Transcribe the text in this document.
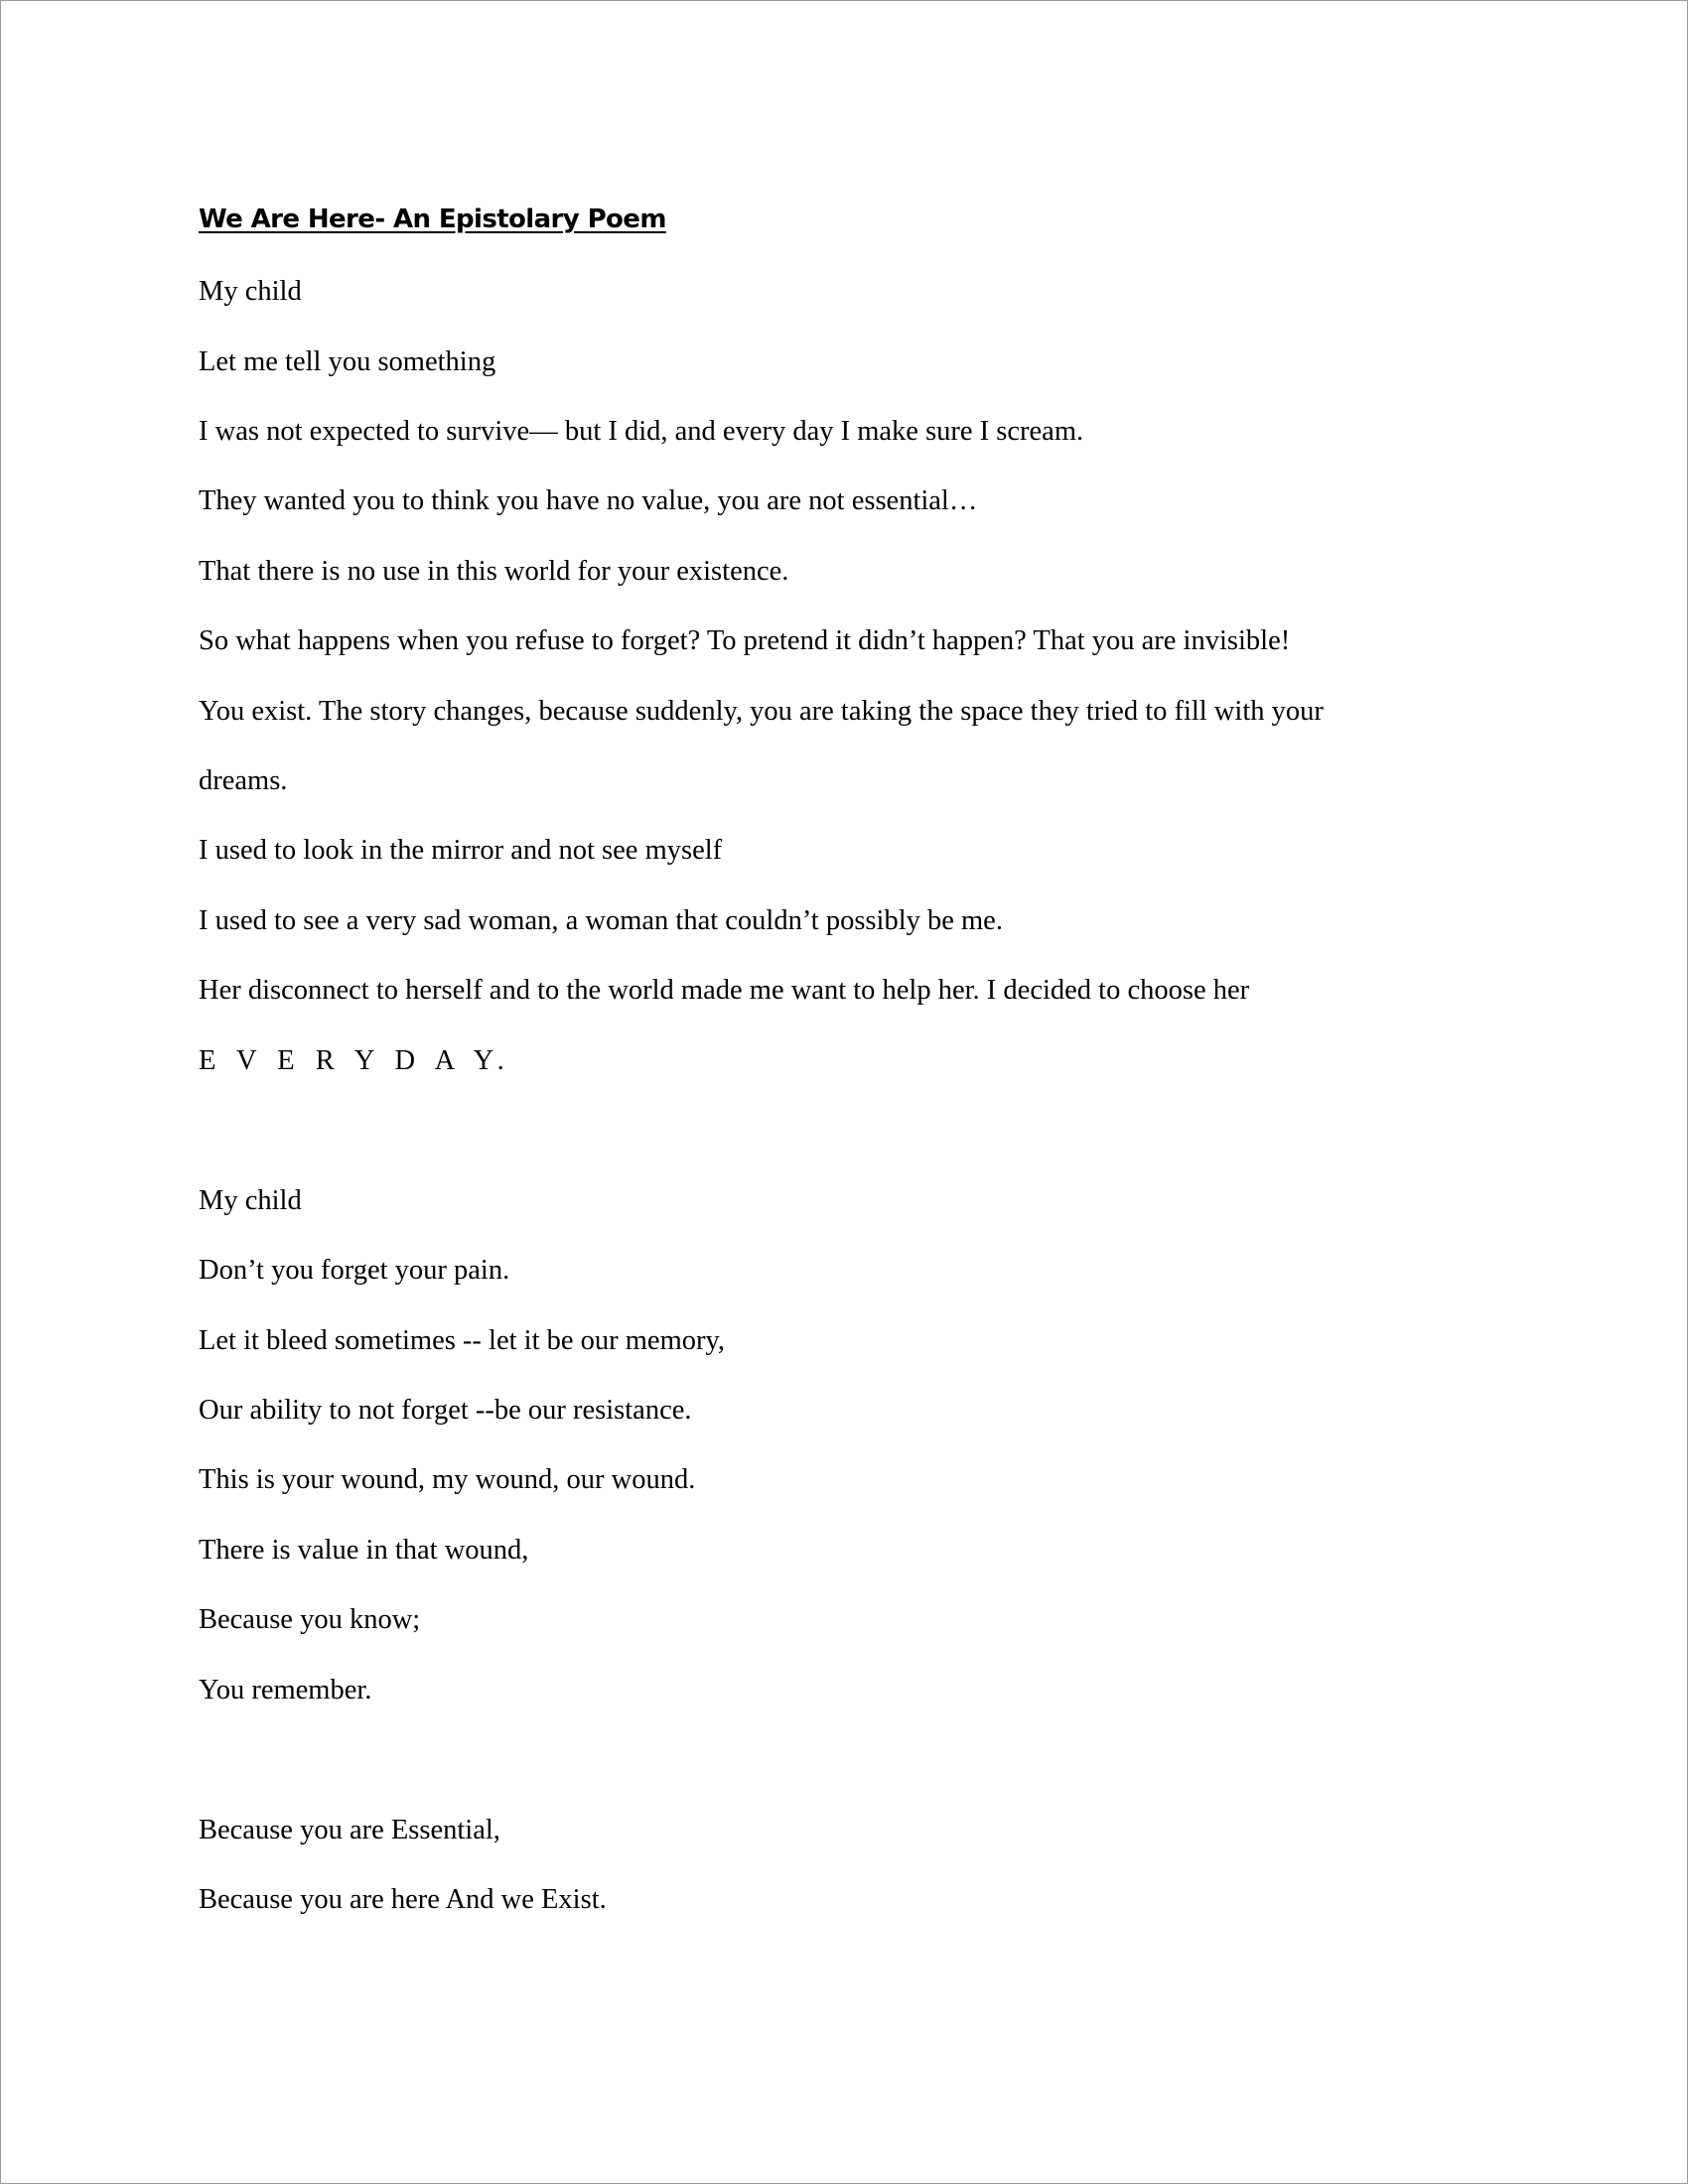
We Are Here- An Epistolary Poem
My child
Let me tell you something
I was not expected to survive— but I did, and every day I make sure I scream.
They wanted you to think you have no value, you are not essential…
That there is no use in this world for your existence.
So what happens when you refuse to forget? To pretend it didn’t happen? That you are invisible!
You exist. The story changes, because suddenly, you are taking the space they tried to fill with your
dreams.
I used to look in the mirror and not see myself
I used to see a very sad woman, a woman that couldn’t possibly be me.
Her disconnect to herself and to the world made me want to help her. I decided to choose her
E V E R Y D A Y.
My child
Don’t you forget your pain.
Let it bleed sometimes -- let it be our memory,
Our ability to not forget --be our resistance.
This is your wound, my wound, our wound.
There is value in that wound,
Because you know;
You remember.
Because you are Essential,
Because you are here And we Exist.
